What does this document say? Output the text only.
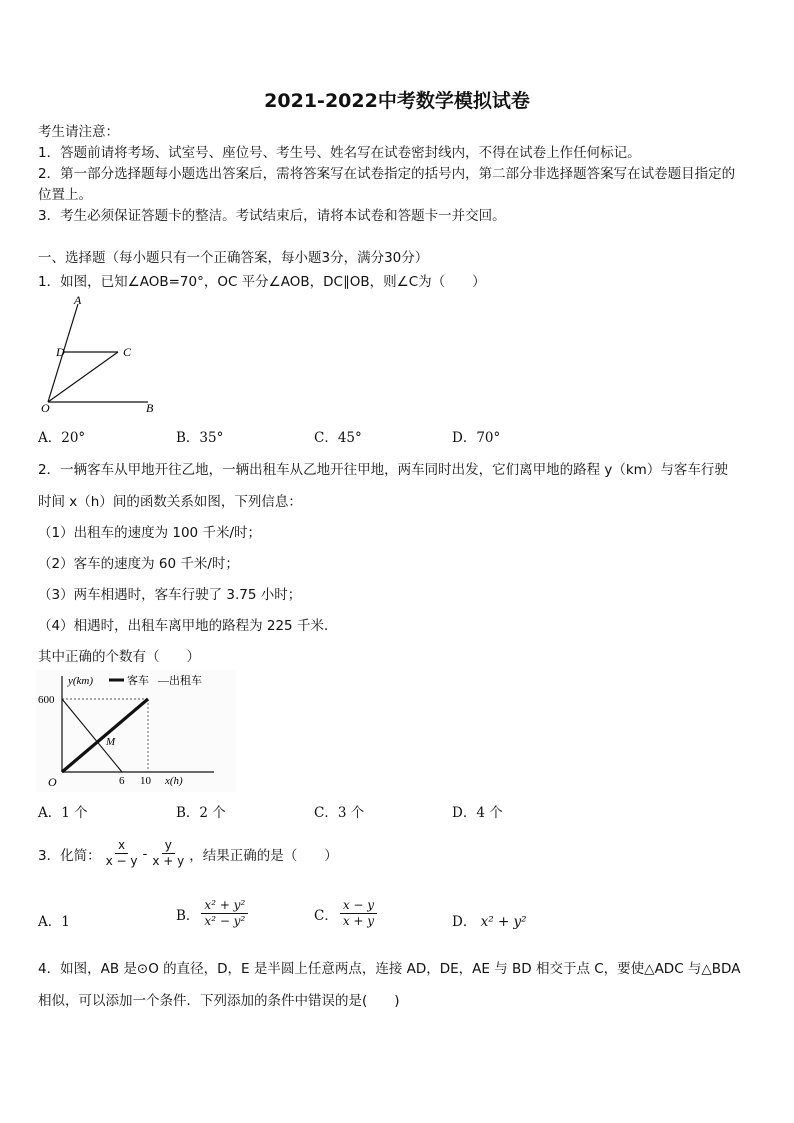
2021-2022中考数学模拟试卷
考生请注意：
1．答题前请将考场、试室号、座位号、考生号、姓名写在试卷密封线内，不得在试卷上作任何标记。
2．第一部分选择题每小题选出答案后，需将答案写在试卷指定的括号内，第二部分非选择题答案写在试卷题目指定的
位置上。
3．考生必须保证答题卡的整洁。考试结束后，请将本试卷和答题卡一并交回。
一、选择题（每小题只有一个正确答案，每小题3分，满分30分）
1．如图，已知∠AOB=70°，OC 平分∠AOB，DC∥OB，则∠C为（　　）
A
D	C
O	B
A．20°	B．35°	C．45°	D．70°
2．一辆客车从甲地开往乙地，一辆出租车从乙地开往甲地，两车同时出发，它们离甲地的路程 y（km）与客车行驶
时间 x（h）间的函数关系如图，下列信息：
（1）出租车的速度为 100 千米/时；
（2）客车的速度为 60 千米/时；
（3）两车相遇时，客车行驶了 3.75 小时；
（4）相遇时，出租车离甲地的路程为 225 千米．
其中正确的个数有（　　）
y(km)	客车 —出租车
600
M
O	6 10 x(h)
A．1 个	B．2 个	C．3 个	D．4 个
3．化简： $\frac{x}{x - y} - \frac{y}{x + y}$ ，结果正确的是（　　）
A．1	B． $\frac{\text{x² + y²}}{\text{x² − y²}}$	C． $\frac{x - y}{x + y}$	D． x² + y²
4．如图，AB 是⊙O 的直径，D，E 是半圆上任意两点，连接 AD，DE，AE 与 BD 相交于点 C，要使△ADC 与△BDA
相似，可以添加一个条件．下列添加的条件中错误的是(　　)
